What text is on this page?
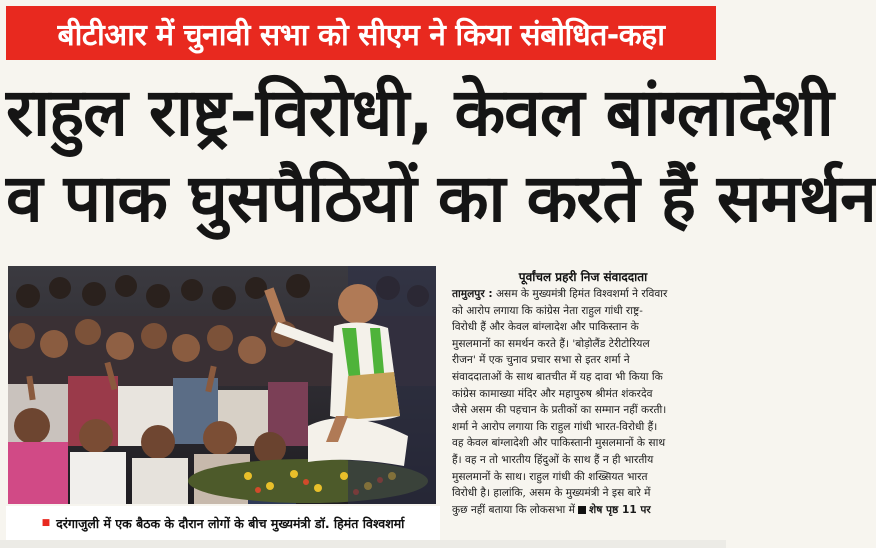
बीटीआर में चुनावी सभा को सीएम ने किया संबोधित-कहा
राहुल राष्ट्र-विरोधी, केवल बांग्लादेशी
व पाक घुसपैठियों का करते हैं समर्थन
■ दरंगाजुली में एक बैठक के दौरान लोगों के बीच मुख्यमंत्री डॉ. हिमंत विश्वशर्मा
पूर्वांचल प्रहरी निज संवाददाता
तामुलपुर : असम के मुख्यमंत्री हिमंत विश्वशर्मा ने रविवार
को आरोप लगाया कि कांग्रेस नेता राहुल गांधी राष्ट्र-
विरोधी हैं और केवल बांग्लादेश और पाकिस्तान के
मुसलमानों का समर्थन करते हैं। 'बोड़ोलैंड टेरीटोरियल
रीजन' में एक चुनाव प्रचार सभा से इतर शर्मा ने
संवाददाताओं के साथ बातचीत में यह दावा भी किया कि
कांग्रेस कामाख्या मंदिर और महापुरुष श्रीमंत शंकरदेव
जैसे असम की पहचान के प्रतीकों का सम्मान नहीं करती।
शर्मा ने आरोप लगाया कि राहुल गांधी भारत-विरोधी हैं।
वह केवल बांग्लादेशी और पाकिस्तानी मुसलमानों के साथ
हैं। वह न तो भारतीय हिंदुओं के साथ हैं न ही भारतीय
मुसलमानों के साथ। राहुल गांधी की शख्सियत भारत
विरोधी है। हालांकि, असम के मुख्यमंत्री ने इस बारे में
कुछ नहीं बताया कि लोकसभा में शेष पृष्ठ 11 पर
